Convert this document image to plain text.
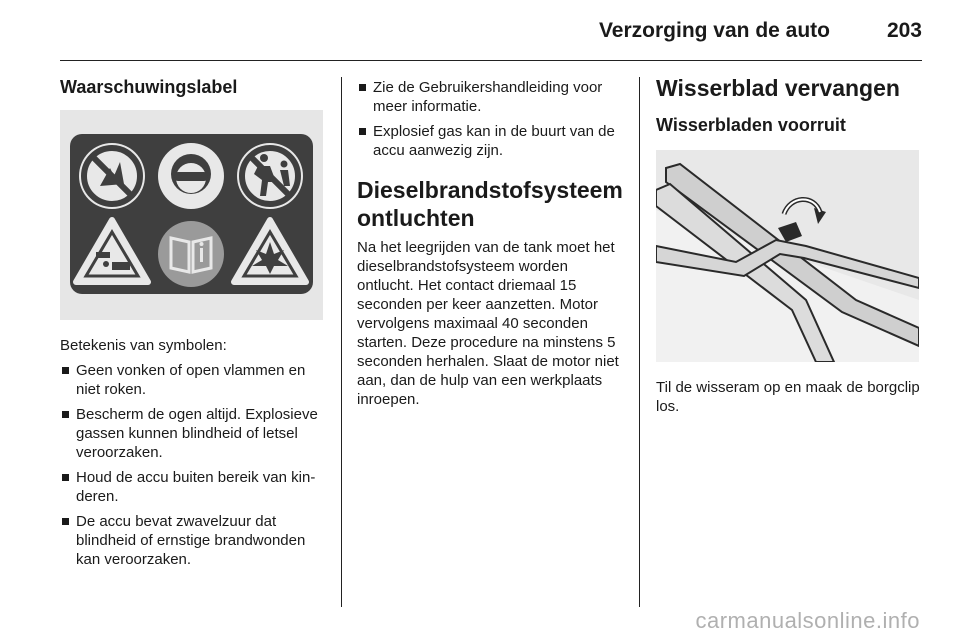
Verzorging van de auto	203
Waarschuwingslabel

Betekenis van symbolen:

Geen vonken of open vlammen en niet roken.
Bescherm de ogen altijd. Explosieve gassen kunnen blindheid of letsel veroorzaken.
Houd de accu buiten bereik van kinderen.
De accu bevat zwavelzuur dat blindheid of ernstige brandwonden kan veroorzaken.
Zie de Gebruikershandleiding voor meer informatie.
Explosief gas kan in de buurt van de accu aanwezig zijn.
Dieselbrandstofsysteem ontluchten

Na het leegrijden van de tank moet het dieselbrandstofsysteem worden ontlucht. Het contact driemaal 15 seconden per keer aanzetten. Motor vervolgens maximaal 40 seconden starten. Deze procedure na minstens 5 seconden herhalen. Slaat de motor niet aan, dan de hulp van een werkplaats inroepen.

Wisserblad vervangen
Wisserbladen voorruit

Til de wisseram op en maak de borgclip los.

carmanualsonline.info
